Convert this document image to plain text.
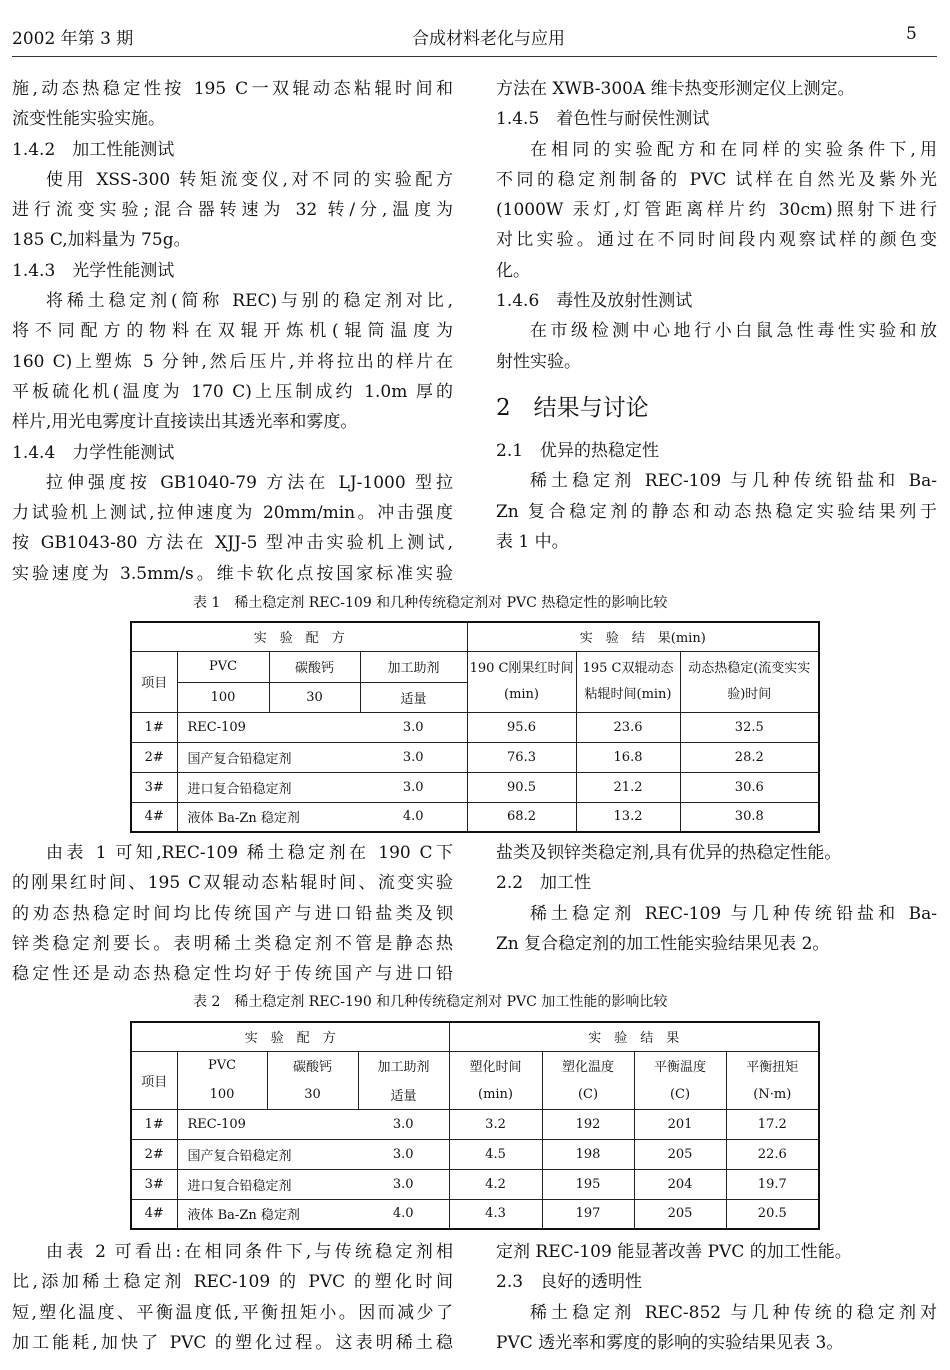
2002 年第 3 期	合成材料老化与应用	5

施,动态热稳定性按 195 C一双辊动态粘辊时间和

流变性能实验实施。

1.4.2　加工性能测试

使用 XSS-300 转矩流变仪,对不同的实验配方

进行流变实验;混合器转速为 32 转/分,温度为

185 C,加料量为 75g。

1.4.3　光学性能测试

将稀土稳定剂(简称 REC)与别的稳定剂对比,

将不同配方的物料在双辊开炼机(辊筒温度为

160 C)上塑炼 5 分钟,然后压片,并将拉出的样片在

平板硫化机(温度为 170 C)上压制成约 1.0m 厚的

样片,用光电雾度计直接读出其透光率和雾度。

1.4.4　力学性能测试

拉伸强度按 GB1040-79 方法在 LJ-1000 型拉

力试验机上测试,拉伸速度为 20mm/min。冲击强度

按 GB1043-80 方法在 XJJ-5 型冲击实验机上测试,

实验速度为 3.5mm/s。维卡软化点按国家标准实验

方法在 XWB-300A 维卡热变形测定仪上测定。

1.4.5　着色性与耐侯性测试

在相同的实验配方和在同样的实验条件下,用

不同的稳定剂制备的 PVC 试样在自然光及紫外光

(1000W 汞灯,灯管距离样片约 30cm)照射下进行

对比实验。通过在不同时间段内观察试样的颜色变

化。

1.4.6　毒性及放射性测试

在市级检测中心地行小白鼠急性毒性实验和放

射性实验。

2　结果与讨论

2.1　优异的热稳定性

稀土稳定剂 REC-109 与几种传统铅盐和 Ba-

Zn 复合稳定剂的静态和动态热稳定实验结果列于

表 1 中。

表 1　稀土稳定剂 REC-109 和几种传统稳定剂对 PVC 热稳定性的影响比较
实　验　配　方				实　验　结　果(min)		
项目	PVC	碳酸钙	加工助剂	190 C刚果红时间(min)	195 C双辊动态粘辊时间(min)	动态热稳定(流变实实验)时间
	100	30	适量			
1#	REC-109		3.0	95.6	23.6	32.5
2#	国产复合铅稳定剂		3.0	76.3	16.8	28.2
3#	进口复合铅稳定剂		3.0	90.5	21.2	30.6
4#	液体 Ba-Zn 稳定剂		4.0	68.2	13.2	30.8

由表 1 可知,REC-109 稀土稳定剂在 190 C下

的刚果红时间、195 C双辊动态粘辊时间、流变实验

的劝态热稳定时间均比传统国产与进口铅盐类及钡

锌类稳定剂要长。表明稀土类稳定剂不管是静态热

稳定性还是动态热稳定性均好于传统国产与进口铅

盐类及钡锌类稳定剂,具有优异的热稳定性能。

2.2　加工性

稀土稳定剂 REC-109 与几种传统铅盐和 Ba-

Zn 复合稳定剂的加工性能实验结果见表 2。

表 2　稀土稳定剂 REC-190 和几种传统稳定剂对 PVC 加工性能的影响比较
实　验　配　方				实　验　结　果			
项目	PVC	碳酸钙	加工助剂	塑化时间	塑化温度	平衡温度	平衡扭矩
	100	30	适量	(min)	(C)	(C)	(N·m)
1#	REC-109		3.0	3.2	192	201	17.2
2#	国产复合铅稳定剂		3.0	4.5	198	205	22.6
3#	进口复合铅稳定剂		3.0	4.2	195	204	19.7
4#	液体 Ba-Zn 稳定剂		4.0	4.3	197	205	20.5

由表 2 可看出:在相同条件下,与传统稳定剂相

比,添加稀土稳定剂 REC-109 的 PVC 的塑化时间

短,塑化温度、平衡温度低,平衡扭矩小。因而减少了

加工能耗,加快了 PVC 的塑化过程。这表明稀土稳

定剂 REC-109 能显著改善 PVC 的加工性能。

2.3　良好的透明性

稀土稳定剂 REC-852 与几种传统的稳定剂对

PVC 透光率和雾度的影响的实验结果见表 3。
